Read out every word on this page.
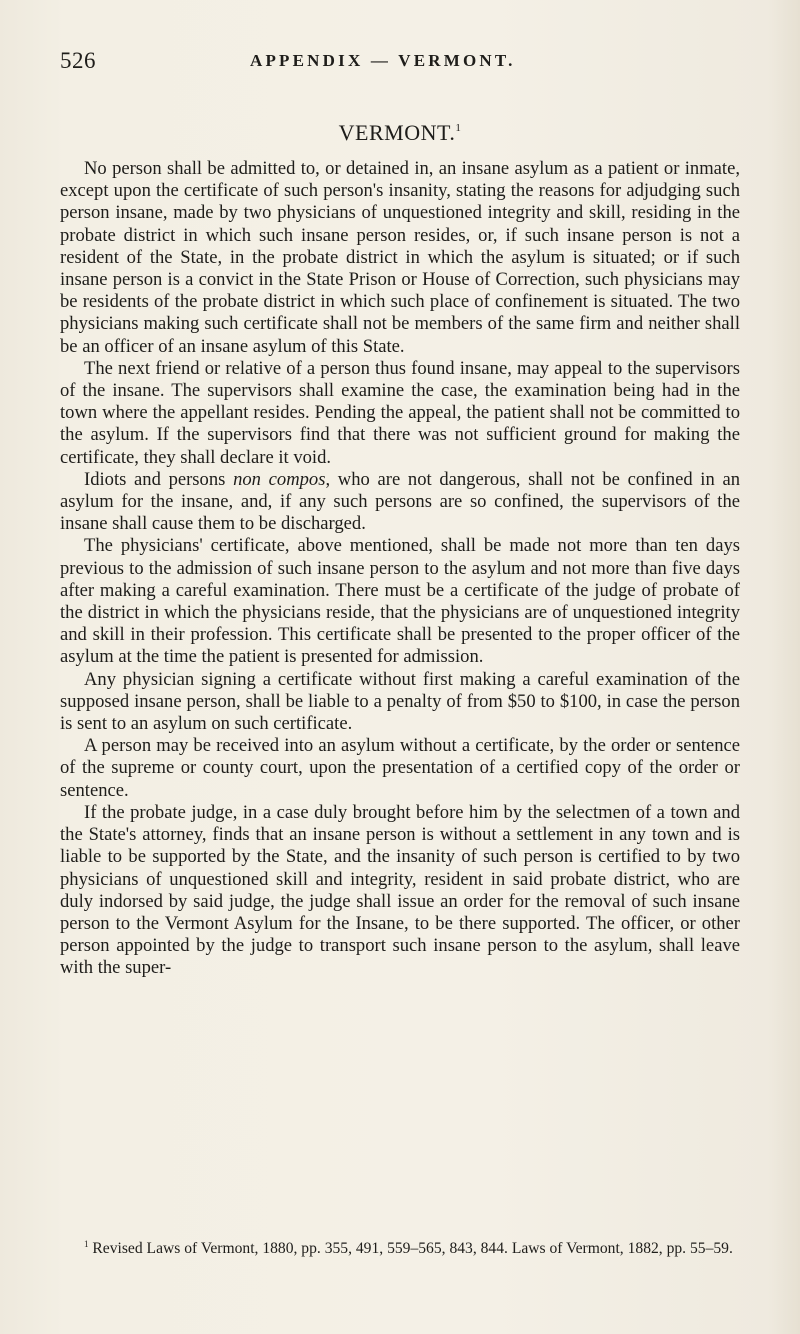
526	APPENDIX — VERMONT.
VERMONT.$^1$

No person shall be admitted to, or detained in, an insane asylum as a patient or inmate, except upon the certificate of such person's insanity, stating the reasons for adjudging such person insane, made by two physicians of unquestioned integrity and skill, residing in the probate district in which such insane person resides, or, if such insane person is not a resident of the State, in the probate district in which the asylum is situated; or if such insane person is a convict in the State Prison or House of Correction, such physicians may be residents of the probate district in which such place of confinement is situated. The two physicians making such certificate shall not be members of the same firm and neither shall be an officer of an insane asylum of this State.

The next friend or relative of a person thus found insane, may appeal to the supervisors of the insane. The supervisors shall examine the case, the examination being had in the town where the appellant resides. Pending the appeal, the patient shall not be committed to the asylum. If the supervisors find that there was not sufficient ground for making the certificate, they shall declare it void.

Idiots and persons non compos, who are not dangerous, shall not be confined in an asylum for the insane, and, if any such persons are so confined, the supervisors of the insane shall cause them to be discharged.

The physicians' certificate, above mentioned, shall be made not more than ten days previous to the admission of such insane person to the asylum and not more than five days after making a careful examination. There must be a certificate of the judge of probate of the district in which the physicians reside, that the physicians are of unquestioned integrity and skill in their profession. This certificate shall be presented to the proper officer of the asylum at the time the patient is presented for admission.

Any physician signing a certificate without first making a careful examination of the supposed insane person, shall be liable to a penalty of from $50 to $100, in case the person is sent to an asylum on such certificate.

A person may be received into an asylum without a certificate, by the order or sentence of the supreme or county court, upon the presentation of a certified copy of the order or sentence.

If the probate judge, in a case duly brought before him by the selectmen of a town and the State's attorney, finds that an insane person is without a settlement in any town and is liable to be supported by the State, and the insanity of such person is certified to by two physicians of unquestioned skill and integrity, resident in said probate district, who are duly indorsed by said judge, the judge shall issue an order for the removal of such insane person to the Vermont Asylum for the Insane, to be there supported. The officer, or other person appointed by the judge to transport such insane person to the asylum, shall leave with the super-

$^1$ Revised Laws of Vermont, 1880, pp. 355, 491, 559–565, 843, 844. Laws of Vermont, 1882, pp. 55–59.
